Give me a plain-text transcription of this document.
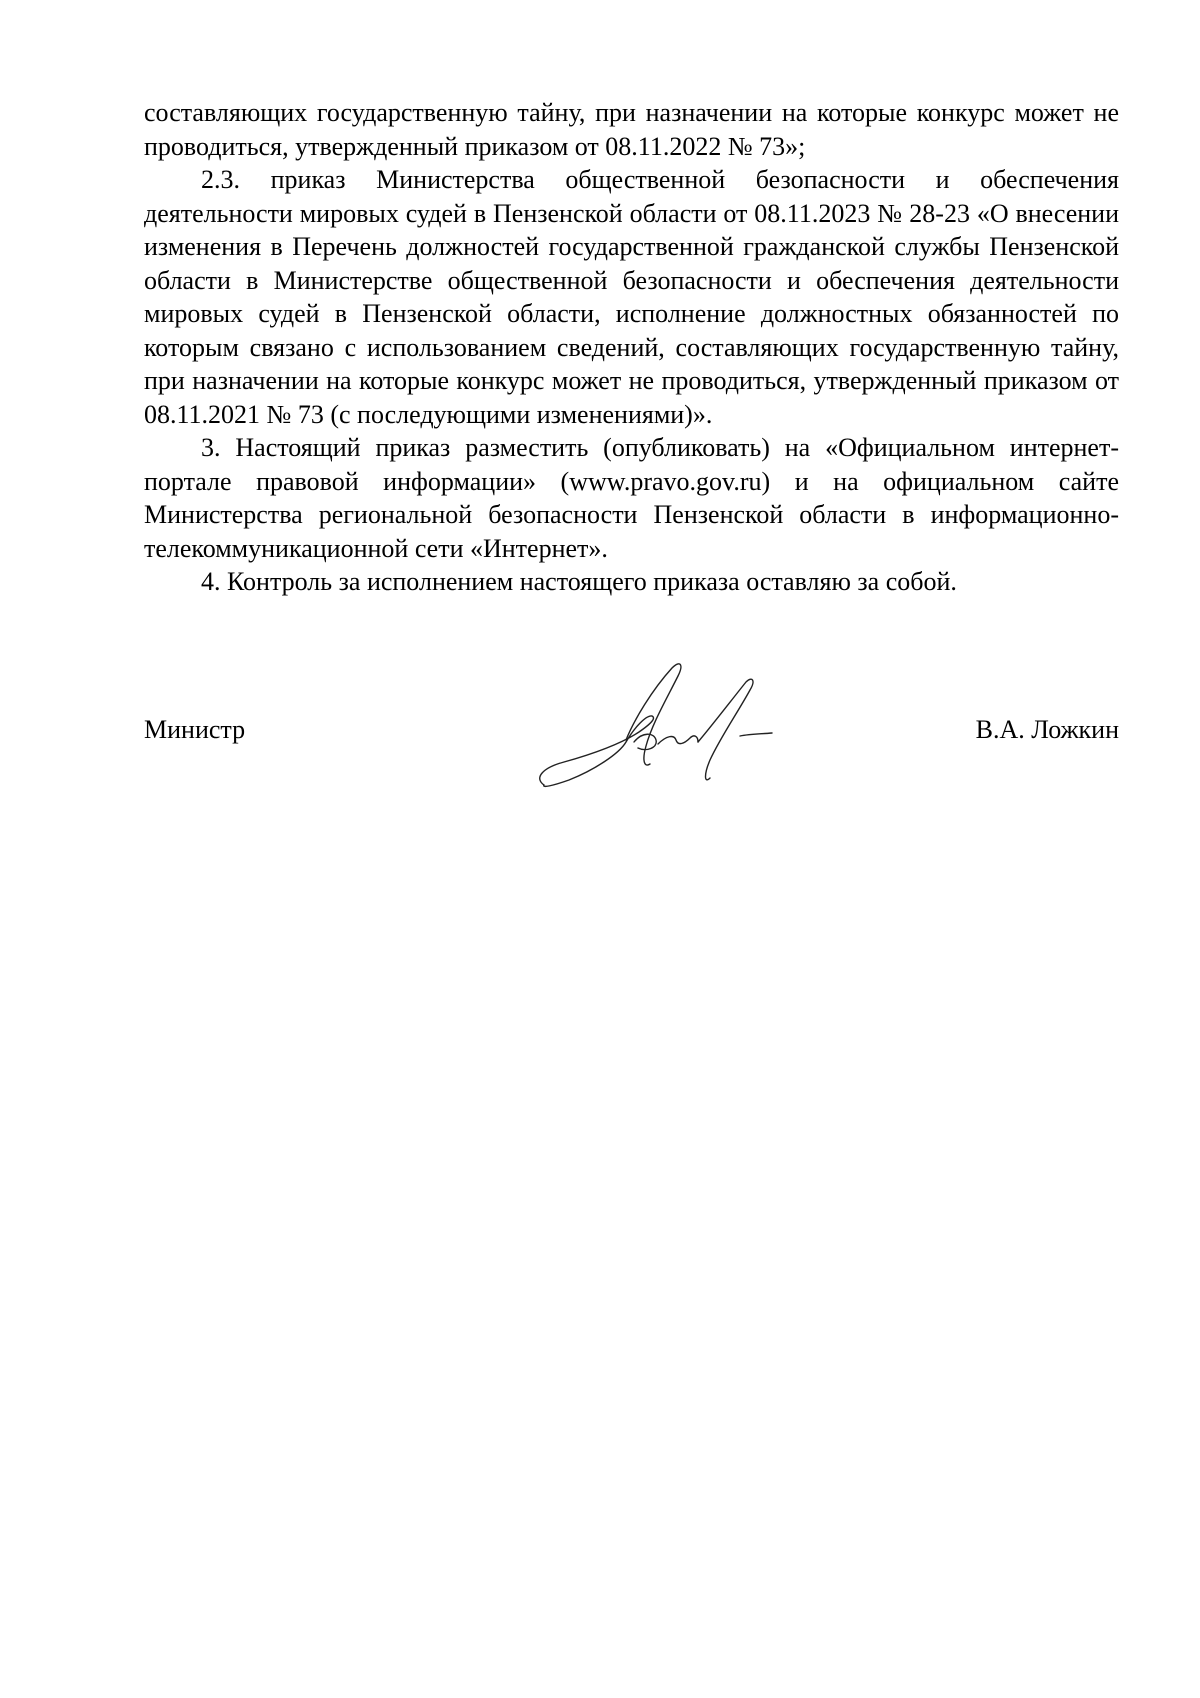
составляющих государственную тайну, при назначении на которые конкурс может не проводиться, утвержденный приказом от 08.11.2022 № 73»;

2.3. приказ Министерства общественной безопасности и обеспечения деятельности мировых судей в Пензенской области от 08.11.2023 № 28-23 «О внесении изменения в Перечень должностей государственной гражданской службы Пензенской области в Министерстве общественной безопасности и обеспечения деятельности мировых судей в Пензенской области, исполнение должностных обязанностей по которым связано с использованием сведений, составляющих государственную тайну, при назначении на которые конкурс может не проводиться, утвержденный приказом от 08.11.2021 № 73 (с последующими изменениями)».

3. Настоящий приказ разместить (опубликовать) на «Официальном интернет-портале правовой информации» (www.pravo.gov.ru) и на официальном сайте Министерства региональной безопасности Пензенской области в информационно-телекоммуникационной сети «Интернет».

4. Контроль за исполнением настоящего приказа оставляю за собой.

Министр	В.А. Ложкин
